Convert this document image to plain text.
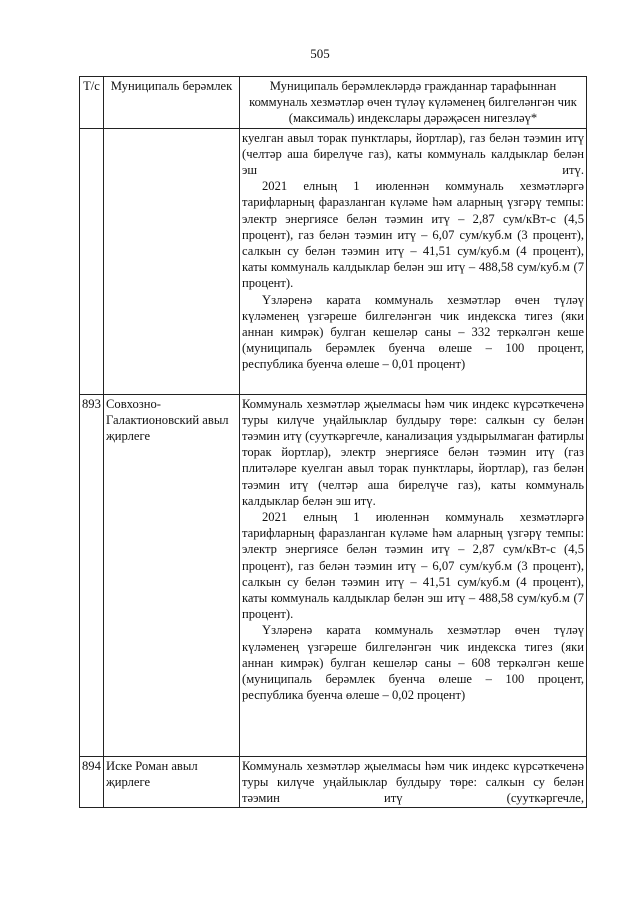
505
Т/с	Муниципаль берәмлек	Муниципаль берәмлекләрдә гражданнар тарафыннан коммуналь хезмәтләр өчен түләү күләменең билгеләнгән чик (максималь) индекслары дәрәҗәсен нигезләү*

		куелган авыл торак пунктлары, йортлар), газ белән тәэмин итү (челтәр аша бирелүче газ), каты коммуналь калдыклар белән эш итү.

2021 елның 1 июленнән коммуналь хезмәтләргә тарифларның фаразланган күләме һәм аларның үзгәрү темпы: электр энергиясе белән тәэмин итү – 2,87 сум/кВт-с (4,5 процент), газ белән тәэмин итү – 6,07 сум/куб.м (3 процент), салкын су белән тәэмин итү – 41,51 сум/куб.м (4 процент), каты коммуналь калдыклар белән эш итү – 488,58 сум/куб.м (7 процент).

Үзләренә карата коммуналь хезмәтләр өчен түләү күләменең үзгәреше билгеләнгән чик индекска тигез (яки аннан кимрәк) булган кешеләр саны – 332 теркәлгән кеше (муниципаль берәмлек буенча өлеше – 100 процент, республика буенча өлеше – 0,01 процент)

893	Совхозно-Галактионовский авыл җирлеге	Коммуналь хезмәтләр җыелмасы һәм чик индекс күрсәткеченә туры килүче уңайлыклар булдыру төре: салкын су белән тәэмин итү (сууткәргечле, канализация уздырылмаган фатирлы торак йортлар), электр энергиясе белән тәэмин итү (газ плитәләре куелган авыл торак пунктлары, йортлар), газ белән тәэмин итү (челтәр аша бирелүче газ), каты коммуналь калдыклар белән эш итү.

2021 елның 1 июленнән коммуналь хезмәтләргә тарифларның фаразланган күләме һәм аларның үзгәрү темпы: электр энергиясе белән тәэмин итү – 2,87 сум/кВт-с (4,5 процент), газ белән тәэмин итү – 6,07 сум/куб.м (3 процент), салкын су белән тәэмин итү – 41,51 сум/куб.м (4 процент), каты коммуналь калдыклар белән эш итү – 488,58 сум/куб.м (7 процент).

Үзләренә карата коммуналь хезмәтләр өчен түләү күләменең үзгәреше билгеләнгән чик индекска тигез (яки аннан кимрәк) булган кешеләр саны – 608 теркәлгән кеше (муниципаль берәмлек буенча өлеше – 100 процент, республика буенча өлеше – 0,02 процент)

894	Иске Роман авыл җирлеге	Коммуналь хезмәтләр җыелмасы һәм чик индекс күрсәткеченә туры килүче уңайлыклар булдыру төре: салкын су белән тәэмин итү (сууткәргечле,
